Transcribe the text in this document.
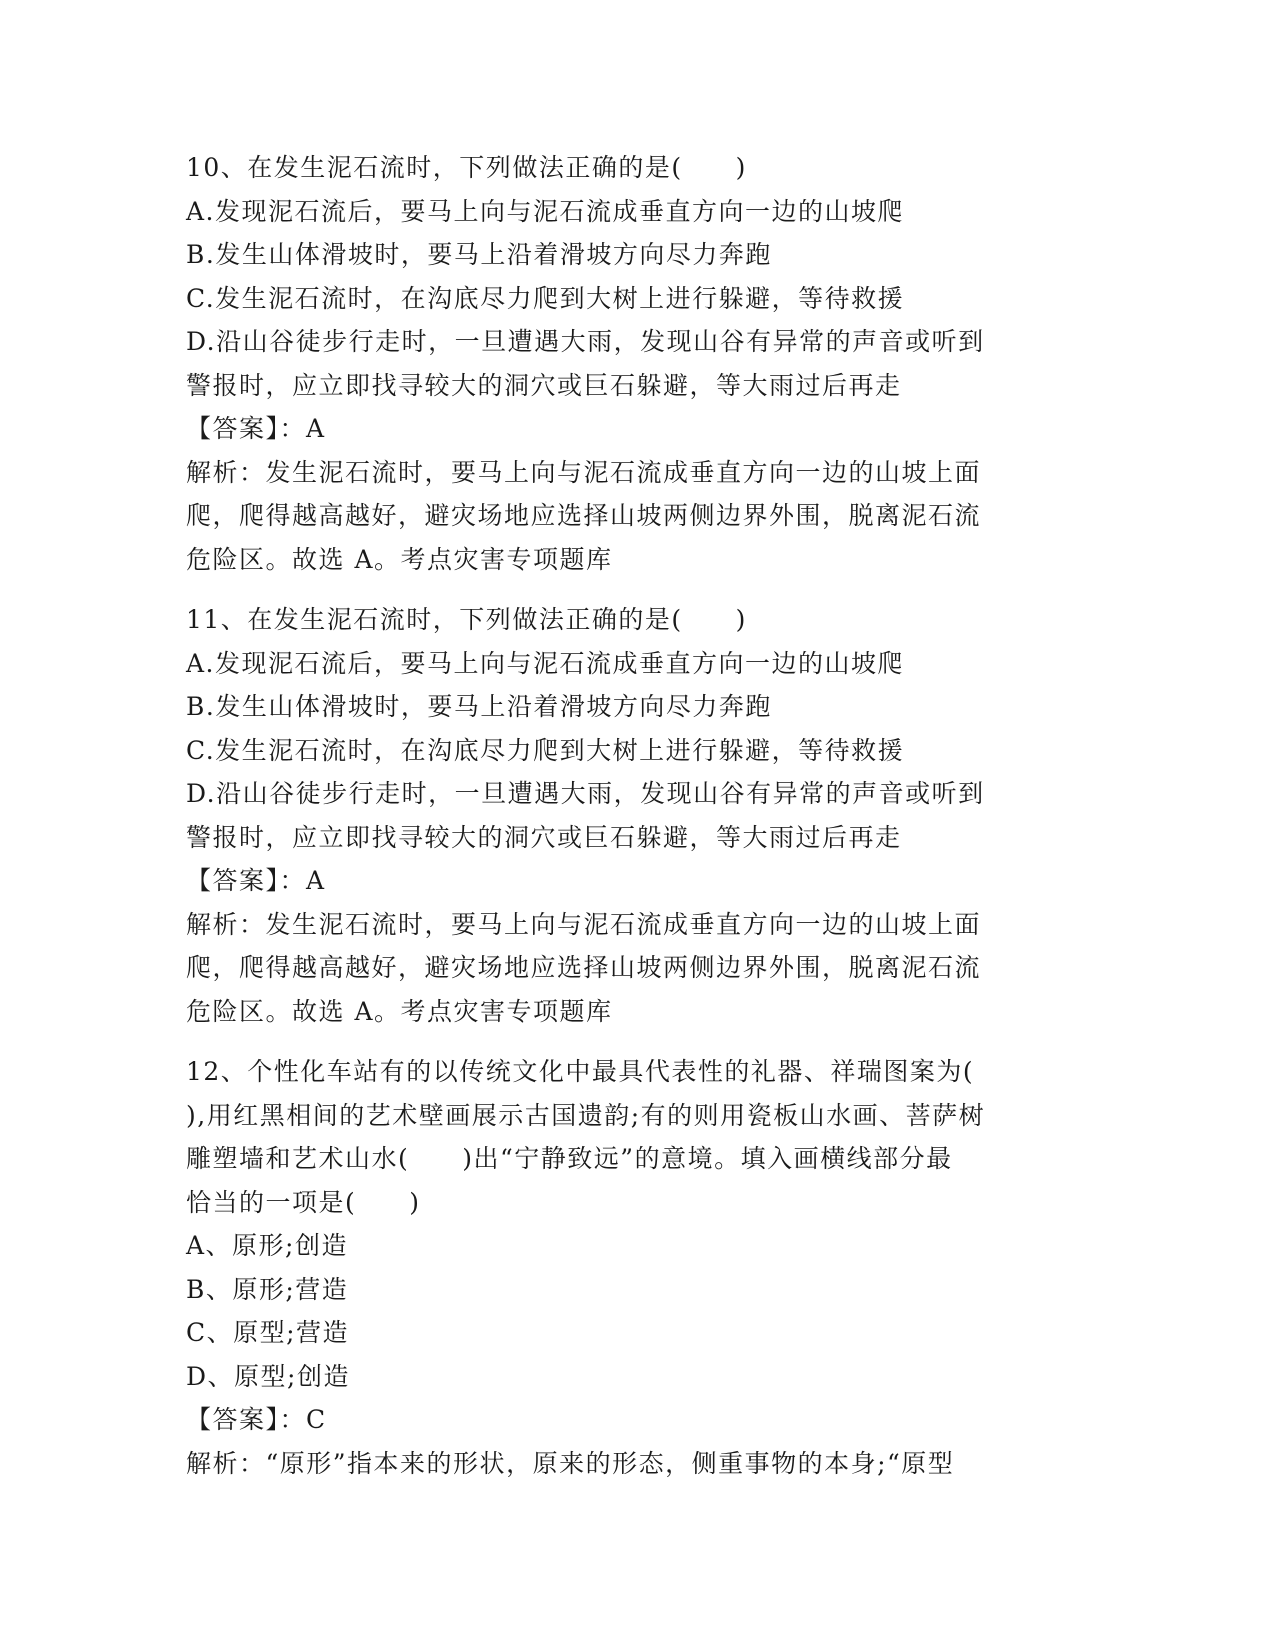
10、在发生泥石流时，下列做法正确的是(　　)
A.发现泥石流后，要马上向与泥石流成垂直方向一边的山坡爬
B.发生山体滑坡时，要马上沿着滑坡方向尽力奔跑
C.发生泥石流时，在沟底尽力爬到大树上进行躲避，等待救援
D.沿山谷徒步行走时，一旦遭遇大雨，发现山谷有异常的声音或听到
警报时，应立即找寻较大的洞穴或巨石躲避，等大雨过后再走
【答案】：A
解析：发生泥石流时，要马上向与泥石流成垂直方向一边的山坡上面
爬，爬得越高越好，避灾场地应选择山坡两侧边界外围，脱离泥石流
危险区。故选 A。考点灾害专项题库
11、在发生泥石流时，下列做法正确的是(　　)
A.发现泥石流后，要马上向与泥石流成垂直方向一边的山坡爬
B.发生山体滑坡时，要马上沿着滑坡方向尽力奔跑
C.发生泥石流时，在沟底尽力爬到大树上进行躲避，等待救援
D.沿山谷徒步行走时，一旦遭遇大雨，发现山谷有异常的声音或听到
警报时，应立即找寻较大的洞穴或巨石躲避，等大雨过后再走
【答案】：A
解析：发生泥石流时，要马上向与泥石流成垂直方向一边的山坡上面
爬，爬得越高越好，避灾场地应选择山坡两侧边界外围，脱离泥石流
危险区。故选 A。考点灾害专项题库
12、个性化车站有的以传统文化中最具代表性的礼器、祥瑞图案为(
),用红黑相间的艺术壁画展示古国遗韵;有的则用瓷板山水画、菩萨树
雕塑墙和艺术山水(　　)出“宁静致远”的意境。填入画横线部分最
恰当的一项是(　　)
A、原形;创造
B、原形;营造
C、原型;营造
D、原型;创造
【答案】：C
解析：“原形”指本来的形状，原来的形态，侧重事物的本身;“原型
